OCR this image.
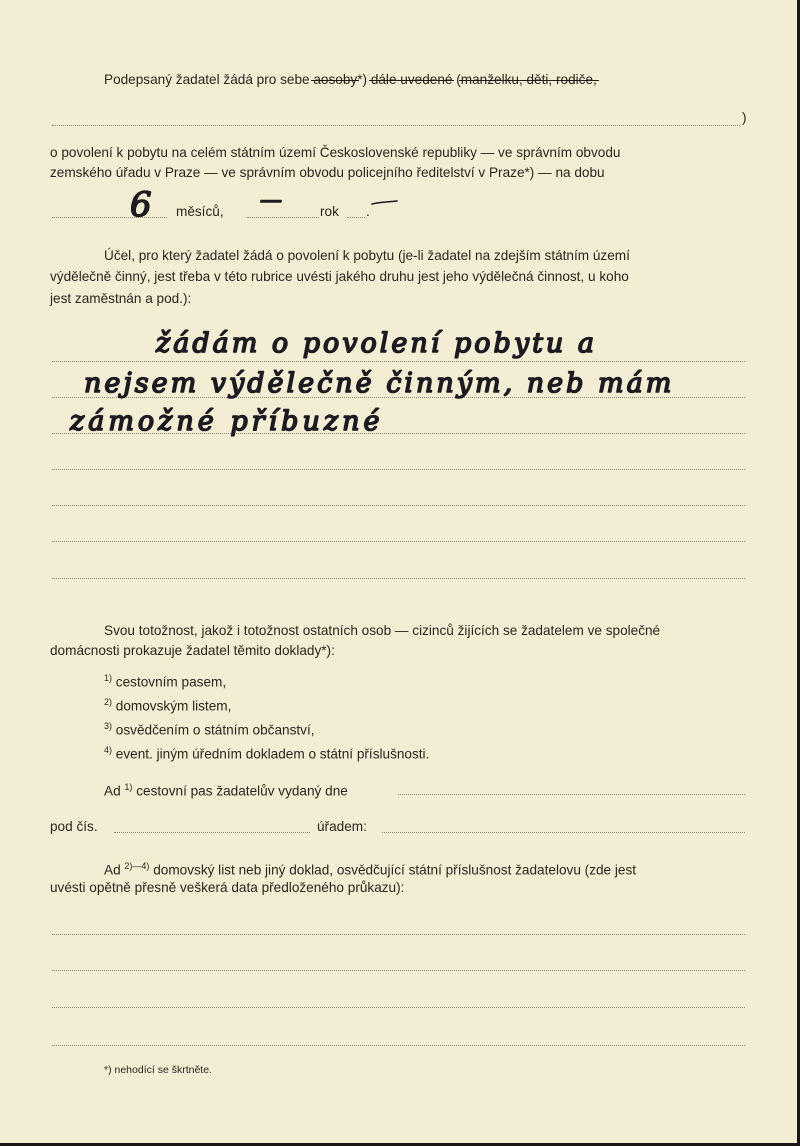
Podepsaný žadatel žádá pro sebe aosoby*) dále uvedené (manželku, děti, rodiče,
)
o povolení k pobytu na celém státním území Československé republiky — ve správním obvodu
zemského úřadu v Praze — ve správním obvodu policejního ředitelství v Praze*) — na dobu
6 měsíců, —	rok .
Účel, pro který žadatel žádá o povolení k pobytu (je-li žadatel na zdejším státním území
výdělečně činný, jest třeba v této rubrice uvésti jakého druhu jest jeho výdělečná činnost, u koho
jest zaměstnán a pod.):
žádám o povolení pobytu a
nejsem výdělečně činným, neb mám
zámožné příbuzné
Svou totožnost, jakož i totožnost ostatních osob — cizinců žijících se žadatelem ve společné
domácnosti prokazuje žadatel těmito doklady*):
$^{1)}$ cestovním pasem,
$^{2)}$ domovským listem,
$^{3)}$ osvědčením o státním občanství,
$^{4)}$ event. jiným úředním dokladem o státní příslušnosti.
Ad $^{1)}$ cestovní pas žadatelův vydaný dne
pod čís.	úřadem:
Ad $^{2)—4)}$ domovský list neb jiný doklad, osvědčující státní příslušnost žadatelovu (zde jest
uvésti opětně přesně veškerá data předloženého průkazu):
*) nehodící se škrtněte.
